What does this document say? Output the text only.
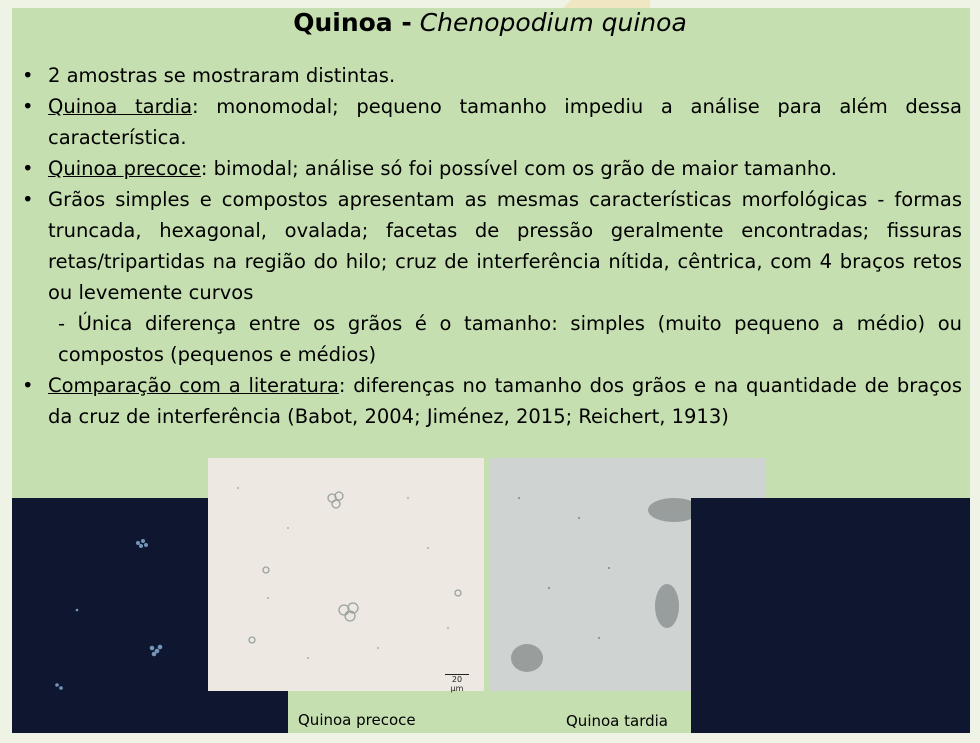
Quinoa - Chenopodium quinoa
• 2 amostras se mostraram distintas.
• Quinoa tardia: monomodal; pequeno tamanho impediu a análise para além dessa característica.
• Quinoa precoce: bimodal; análise só foi possível com os grão de maior tamanho.
• Grãos simples e compostos apresentam as mesmas características morfológicas - formas truncada, hexagonal, ovalada; facetas de pressão geralmente encontradas; fissuras retas/tripartidas na região do hilo; cruz de interferência nítida, cêntrica, com 4 braços retos ou levemente curvos
- Única diferença entre os grãos é o tamanho: simples (muito pequeno a médio) ou compostos (pequenos e médios)
• Comparação com a literatura: diferenças no tamanho dos grãos e na quantidade de braços da cruz de interferência (Babot, 2004; Jiménez, 2015; Reichert, 1913)
20 µm
Quinoa precoce	Quinoa tardia
